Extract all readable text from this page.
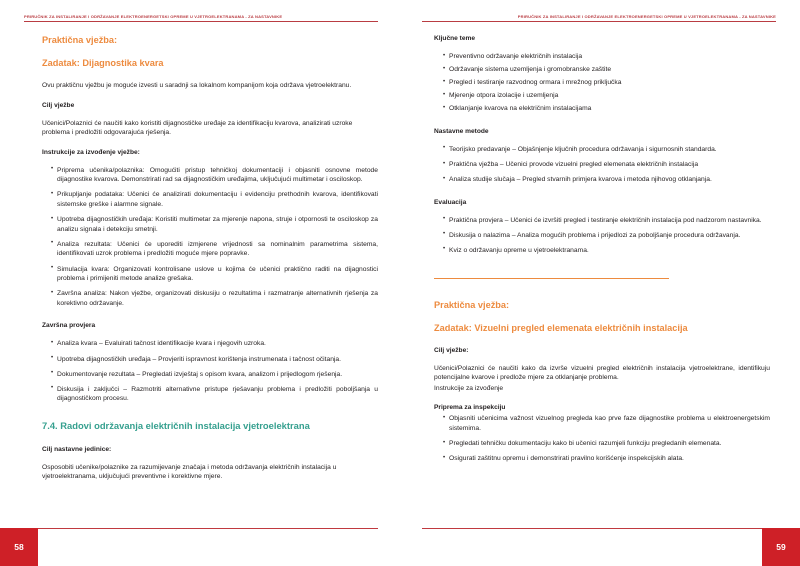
PRIRUČNIK ZA INSTALIRANJE I ODRŽAVANJE ELEKTROENERGETSKI OPREME U VJETROELEKTRANAMA - ZA NASTAVNIKE
Praktična vježba:
Zadatak: Dijagnostika kvara

Ovu praktičnu vježbu je moguće izvesti u saradnji sa lokalnom kompanijom koja održava vjetroelektranu.

Cilj vježbe

Učenici/Polaznici će naučiti kako koristiti dijagnostičke uređaje za identifikaciju kvarova, analizirati uzroke problema i predložiti odgovarajuća rješenja.

Instrukcije za izvođenje vježbe:
• Priprema učenika/polaznika: Omogućiti pristup tehničkoj dokumentaciji i objasniti osnovne metode dijagnostike kvarova. Demonstrirati rad sa dijagnostičkim uređajima, uključujući multimetar i osciloskop.
• Prikupljanje podataka: Učenici će analizirati dokumentaciju i evidenciju prethodnih kvarova, identifikovati sistemske greške i alarmne signale.
• Upotreba dijagnostičkih uređaja: Koristiti multimetar za mjerenje napona, struje i otpornosti te osciloskop za analizu signala i detekciju smetnji.
• Analiza rezultata: Učenici će uporediti izmjerene vrijednosti sa nominalnim parametrima sistema, identifikovati uzrok problema i predložiti moguće mjere popravke.
• Simulacija kvara: Organizovati kontrolisane uslove u kojima će učenici praktično raditi na dijagnostici problema i primijeniti metode analize grešaka.
• Završna analiza: Nakon vježbe, organizovati diskusiju o rezultatima i razmatranje alternativnih rješenja za korektivno održavanje.
Završna provjera
• Analiza kvara – Evaluirati tačnost identifikacije kvara i njegovih uzroka.
• Upotreba dijagnostičkih uređaja – Provjeriti ispravnost korištenja instrumenata i tačnost očitanja.
• Dokumentovanje rezultata – Pregledati izvještaj s opisom kvara, analizom i prijedlogom rješenja.
• Diskusija i zaključci – Razmotriti alternativne pristupe rješavanju problema i predložiti poboljšanja u dijagnostičkom procesu.
7.4. Radovi održavanja električnih instalacija vjetroelektrana
Cilj nastavne jedinice:

Osposobiti učenike/polaznike za razumijevanje značaja i metoda održavanja električnih instalacija u vjetroelektranama, uključujući preventivne i korektivne mjere.

58
PRIRUČNIK ZA INSTALIRANJE I ODRŽAVANJE ELEKTROENERGETSKI OPREME U VJETROELEKTRANAMA - ZA NASTAVNIKE
Ključne teme
• Preventivno održavanje električnih instalacija
• Održavanje sistema uzemljenja i gromobranske zaštite
• Pregled i testiranje razvodnog ormara i mrežnog priključka
• Mjerenje otpora izolacije i uzemljenja
• Otklanjanje kvarova na električnim instalacijama
Nastavne metode
• Teorijsko predavanje – Objašnjenje ključnih procedura održavanja i sigurnosnih standarda.
• Praktična vježba – Učenici provode vizuelni pregled elemenata električnih instalacija
• Analiza studije slučaja – Pregled stvarnih primjera kvarova i metoda njihovog otklanjanja.
Evaluacija
• Praktična provjera – Učenici će izvršiti pregled i testiranje električnih instalacija pod nadzorom nastavnika.
• Diskusija o nalazima – Analiza mogućih problema i prijedlozi za poboljšanje procedura održavanja.
• Kviz o održavanju opreme u vjetroelektranama.
Praktična vježba:
Zadatak: Vizuelni pregled elemenata električnih instalacija
Cilj vježbe:

Učenici/Polaznici će naučiti kako da izvrše vizuelni pregled električnih instalacija vjetroelektrane, identifikuju potencijalne kvarove i predlože mjere za otklanjanje problema.

Instrukcije za izvođenje

Priprema za inspekciju
• Objasniti učenicima važnost vizuelnog pregleda kao prve faze dijagnostike problema u elektroenergetskim sistemima.
• Pregledati tehničku dokumentaciju kako bi učenici razumjeli funkciju pregledanih elemenata.
• Osigurati zaštitnu opremu i demonstrirati pravilno korišćenje inspekcijskih alata.
59
